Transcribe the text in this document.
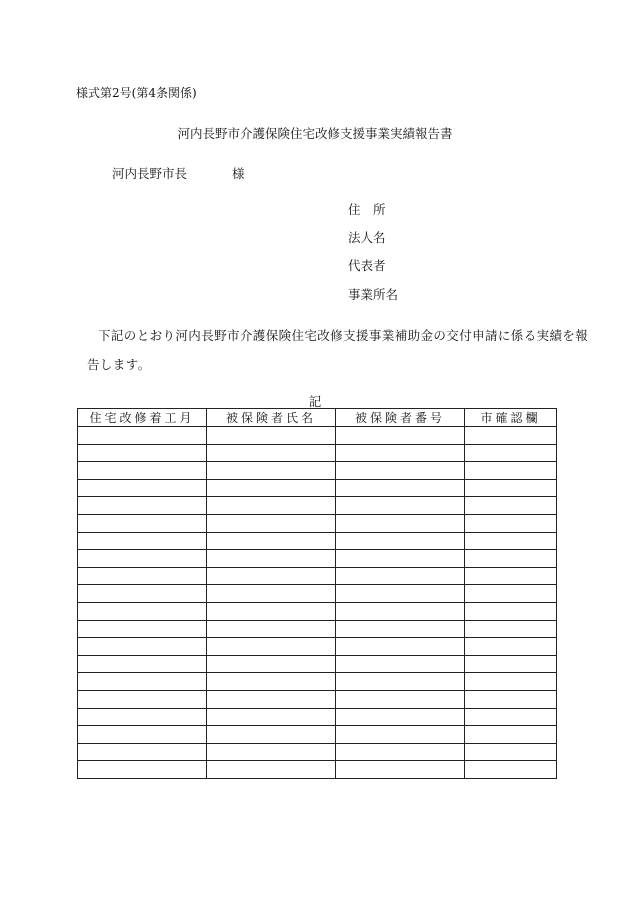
様式第2号(第4条関係)
河内長野市介護保険住宅改修支援事業実績報告書
河内長野市長	様
住　所
法人名
代表者
事業所名
下記のとおり河内長野市介護保険住宅改修支援事業補助金の交付申請に係る実績を報
告します。
記
住宅改修着工月	被保険者氏名	被保険者番号	市確認欄
